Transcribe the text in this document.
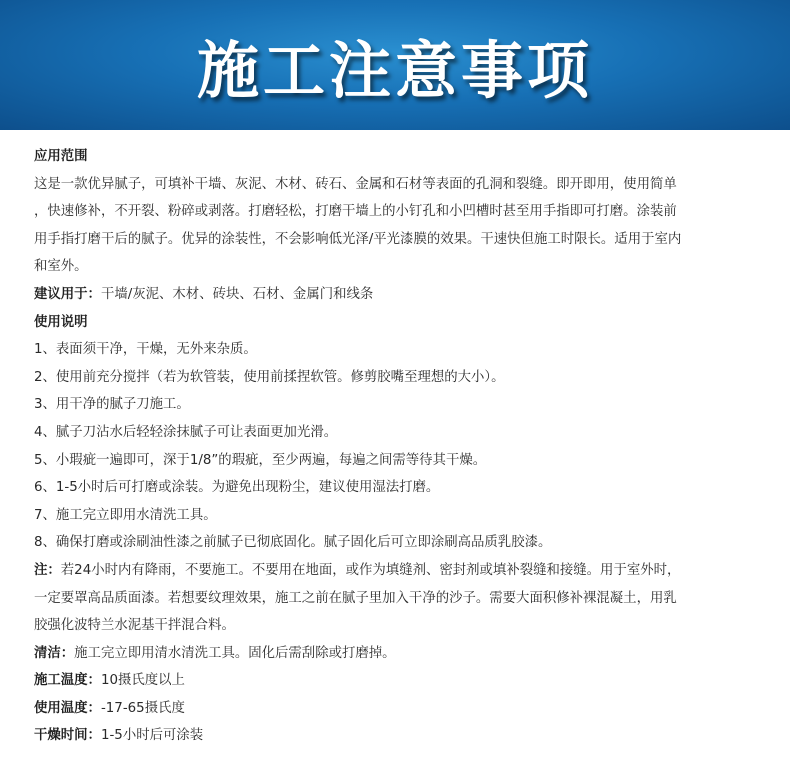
施工注意事项

应用范围

这是一款优异腻子，可填补干墙、灰泥、木材、砖石、金属和石材等表面的孔洞和裂缝。即开即用，使用简单

，快速修补，不开裂、粉碎或剥落。打磨轻松，打磨干墙上的小钉孔和小凹槽时甚至用手指即可打磨。涂装前

用手指打磨干后的腻子。优异的涂装性，不会影响低光泽/平光漆膜的效果。干速快但施工时限长。适用于室内

和室外。

建议用于：干墙/灰泥、木材、砖块、石材、金属门和线条

使用说明

1、表面须干净，干燥，无外来杂质。

2、使用前充分搅拌（若为软管装，使用前揉捏软管。修剪胶嘴至理想的大小）。

3、用干净的腻子刀施工。

4、腻子刀沾水后轻轻涂抹腻子可让表面更加光滑。

5、小瑕疵一遍即可，深于1/8”的瑕疵，至少两遍，每遍之间需等待其干燥。

6、1-5小时后可打磨或涂装。为避免出现粉尘，建议使用湿法打磨。

7、施工完立即用水清洗工具。

8、确保打磨或涂刷油性漆之前腻子已彻底固化。腻子固化后可立即涂刷高品质乳胶漆。

注：若24小时内有降雨，不要施工。不要用在地面，或作为填缝剂、密封剂或填补裂缝和接缝。用于室外时，

一定要罩高品质面漆。若想要纹理效果，施工之前在腻子里加入干净的沙子。需要大面积修补裸混凝土，用乳

胶强化波特兰水泥基干拌混合料。

清洁：施工完立即用清水清洗工具。固化后需刮除或打磨掉。

施工温度：10摄氏度以上

使用温度：-17-65摄氏度

干燥时间：1-5小时后可涂装
